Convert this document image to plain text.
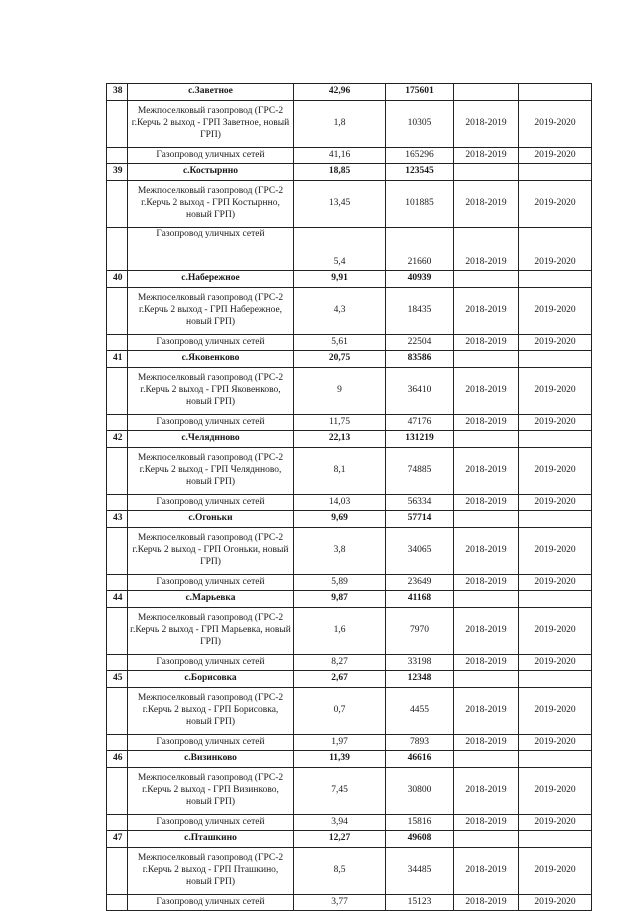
38	с.Заветное	42,96	175601		
	Межпоселковый газопровод (ГРС-2 г.Керчь 2 выход - ГРП Заветное, новый ГРП)	1,8	10305	2018-2019	2019-2020
	Газопровод уличных сетей	41,16	165296	2018-2019	2019-2020
39	с.Костырнно	18,85	123545		
	Межпоселковый газопровод (ГРС-2 г.Керчь 2 выход - ГРП Костырнно, новый ГРП)	13,45	101885	2018-2019	2019-2020
	Газопровод уличных сетей	5,4	21660	2018-2019	2019-2020
40	с.Набережное	9,91	40939		
	Межпоселковый газопровод (ГРС-2 г.Керчь 2 выход - ГРП Набережное, новый ГРП)	4,3	18435	2018-2019	2019-2020
	Газопровод уличных сетей	5,61	22504	2018-2019	2019-2020
41	с.Яковенково	20,75	83586		
	Межпоселковый газопровод (ГРС-2 г.Керчь 2 выход - ГРП Яковенково, новый ГРП)	9	36410	2018-2019	2019-2020
	Газопровод уличных сетей	11,75	47176	2018-2019	2019-2020
42	с.Челяднново	22,13	131219		
	Межпоселковый газопровод (ГРС-2 г.Керчь 2 выход - ГРП Челяднново, новый ГРП)	8,1	74885	2018-2019	2019-2020
	Газопровод уличных сетей	14,03	56334	2018-2019	2019-2020
43	с.Огоньки	9,69	57714		
	Межпоселковый газопровод (ГРС-2 г.Керчь 2 выход - ГРП Огоньки, новый ГРП)	3,8	34065	2018-2019	2019-2020
	Газопровод уличных сетей	5,89	23649	2018-2019	2019-2020
44	с.Марьевка	9,87	41168		
	Межпоселковый газопровод (ГРС-2 г.Керчь 2 выход - ГРП Марьевка, новый ГРП)	1,6	7970	2018-2019	2019-2020
	Газопровод уличных сетей	8,27	33198	2018-2019	2019-2020
45	с.Борисовка	2,67	12348		
	Межпоселковый газопровод (ГРС-2 г.Керчь 2 выход - ГРП Борисовка, новый ГРП)	0,7	4455	2018-2019	2019-2020
	Газопровод уличных сетей	1,97	7893	2018-2019	2019-2020
46	с.Визинково	11,39	46616		
	Межпоселковый газопровод (ГРС-2 г.Керчь 2 выход - ГРП Визинково, новый ГРП)	7,45	30800	2018-2019	2019-2020
	Газопровод уличных сетей	3,94	15816	2018-2019	2019-2020
47	с.Пташкино	12,27	49608		
	Межпоселковый газопровод (ГРС-2 г.Керчь 2 выход - ГРП Пташкино, новый ГРП)	8,5	34485	2018-2019	2019-2020
	Газопровод уличных сетей	3,77	15123	2018-2019	2019-2020
